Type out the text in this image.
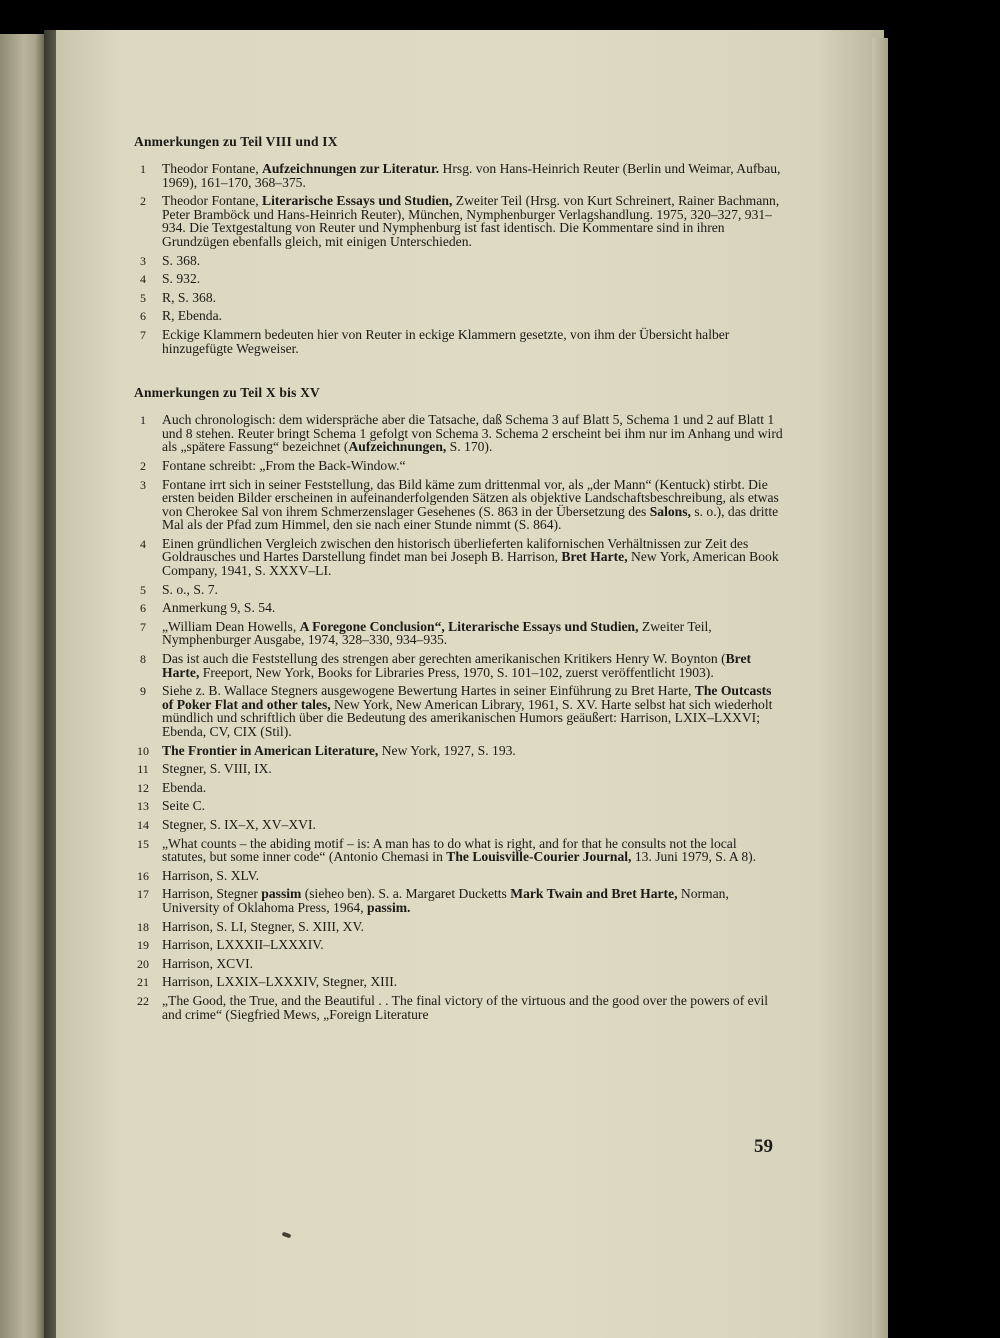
Anmerkungen zu Teil VIII und IX
1	Theodor Fontane, Aufzeichnungen zur Literatur. Hrsg. von Hans-Heinrich Reuter (Berlin und Weimar, Aufbau, 1969), 161–170, 368–375.
2	Theodor Fontane, Literarische Essays und Studien, Zweiter Teil (Hrsg. von Kurt Schreinert, Rainer Bachmann, Peter Bramböck und Hans-Heinrich Reuter), München, Nymphenburger Verlagshandlung. 1975, 320–327, 931–934. Die Textgestaltung von Reuter und Nymphenburg ist fast identisch. Die Kommentare sind in ihren Grundzügen ebenfalls gleich, mit einigen Unterschieden.
3	S. 368.
4	S. 932.
5	R, S. 368.
6	R, Ebenda.
7	Eckige Klammern bedeuten hier von Reuter in eckige Klammern gesetzte, von ihm der Übersicht halber hinzugefügte Wegweiser.
Anmerkungen zu Teil X bis XV
1	Auch chronologisch: dem widerspräche aber die Tatsache, daß Schema 3 auf Blatt 5, Schema 1 und 2 auf Blatt 1 und 8 stehen. Reuter bringt Schema 1 gefolgt von Schema 3. Schema 2 erscheint bei ihm nur im Anhang und wird als „spätere Fassung“ bezeichnet (Aufzeichnungen, S. 170).
2	Fontane schreibt: „From the Back-Window.“
3	Fontane irrt sich in seiner Feststellung, das Bild käme zum drittenmal vor, als „der Mann“ (Kentuck) stirbt. Die ersten beiden Bilder erscheinen in aufeinanderfolgenden Sätzen als objektive Landschaftsbeschreibung, als etwas von Cherokee Sal von ihrem Schmerzenslager Gesehenes (S. 863 in der Übersetzung des Salons, s. o.), das dritte Mal als der Pfad zum Himmel, den sie nach einer Stunde nimmt (S. 864).
4	Einen gründlichen Vergleich zwischen den historisch überlieferten kalifornischen Verhältnissen zur Zeit des Goldrausches und Hartes Darstellung findet man bei Joseph B. Harrison, Bret Harte, New York, American Book Company, 1941, S. XXXV–LI.
5	S. o., S. 7.
6	Anmerkung 9, S. 54.
7	„William Dean Howells, A Foregone Conclusion“, Literarische Essays und Studien, Zweiter Teil, Nymphenburger Ausgabe, 1974, 328–330, 934–935.
8	Das ist auch die Feststellung des strengen aber gerechten amerikanischen Kritikers Henry W. Boynton (Bret Harte, Freeport, New York, Books for Libraries Press, 1970, S. 101–102, zuerst veröffentlicht 1903).
9	Siehe z. B. Wallace Stegners ausgewogene Bewertung Hartes in seiner Einführung zu Bret Harte, The Outcasts of Poker Flat and other tales, New York, New American Library, 1961, S. XV. Harte selbst hat sich wiederholt mündlich und schriftlich über die Bedeutung des amerikanischen Humors geäußert: Harrison, LXIX–LXXVI; Ebenda, CV, CIX (Stil).
10 The Frontier in American Literature, New York, 1927, S. 193.
11 Stegner, S. VIII, IX.
12 Ebenda.
13 Seite C.
14 Stegner, S. IX–X, XV–XVI.
15 „What counts – the abiding motif – is: A man has to do what is right, and for that he consults not the local statutes, but some inner code“ (Antonio Chemasi in The Louisville-Courier Journal, 13. Juni 1979, S. A 8).
16 Harrison, S. XLV.
17 Harrison, Stegner passim (sieheo ben). S. a. Margaret Ducketts Mark Twain and Bret Harte, Norman, University of Oklahoma Press, 1964, passim.
18 Harrison, S. LI, Stegner, S. XIII, XV.
19 Harrison, LXXXII–LXXXIV.
20 Harrison, XCVI.
21 Harrison, LXXIX–LXXXIV, Stegner, XIII.
22 „The Good, the True, and the Beautiful . . The final victory of the virtuous and the good over the powers of evil and crime“ (Siegfried Mews, „Foreign Literature
59
